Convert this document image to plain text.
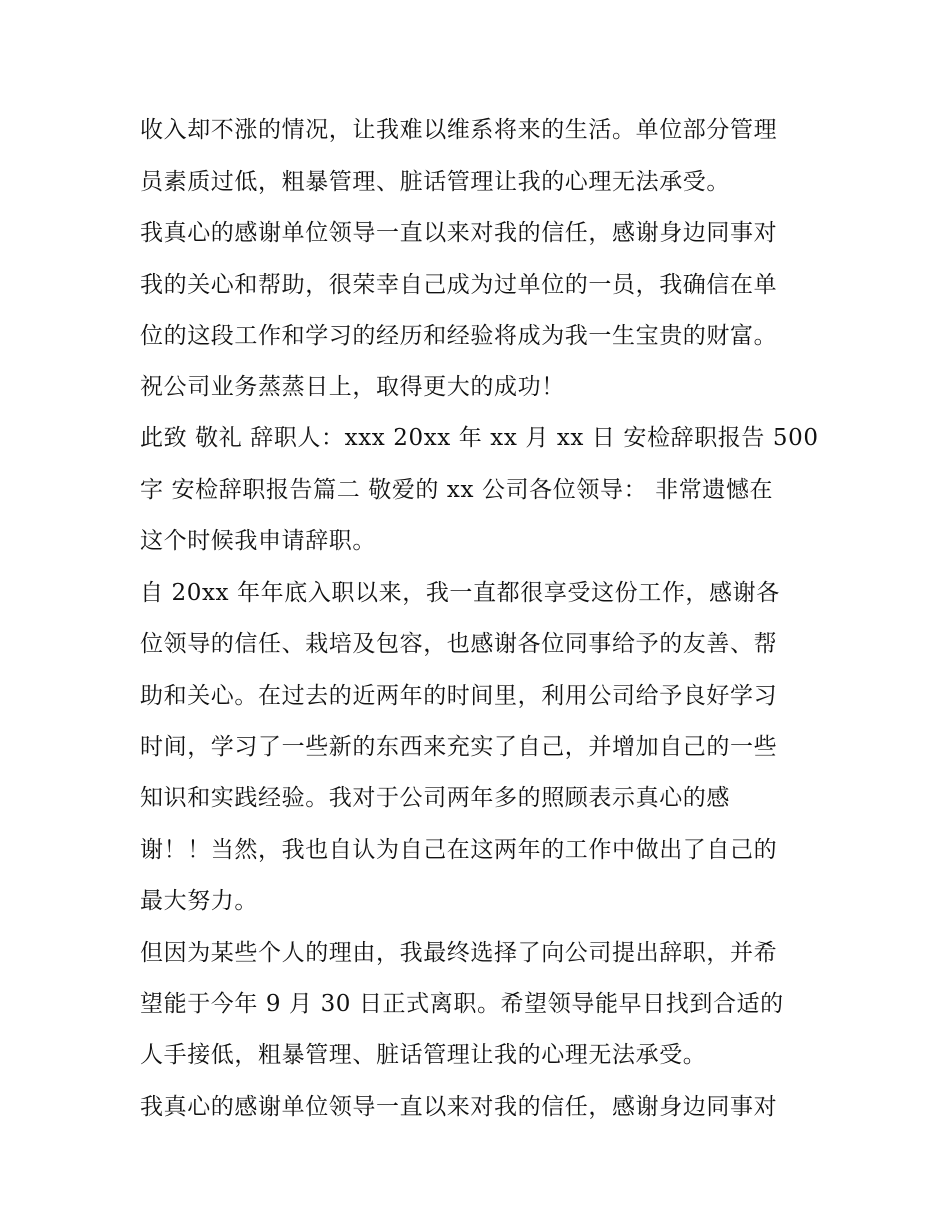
收入却不涨的情况，让我难以维系将来的生活。单位部分管理
员素质过低，粗暴管理、脏话管理让我的心理无法承受。
我真心的感谢单位领导一直以来对我的信任，感谢身边同事对
我的关心和帮助，很荣幸自己成为过单位的一员，我确信在单
位的这段工作和学习的经历和经验将成为我一生宝贵的财富。
祝公司业务蒸蒸日上，取得更大的成功！
此致 敬礼 辞职人：xxx 20xx 年 xx 月 xx 日 安检辞职报告 500
字 安检辞职报告篇二 敬爱的 xx 公司各位领导： 非常遗憾在
这个时候我申请辞职。
自 20xx 年年底入职以来，我一直都很享受这份工作，感谢各
位领导的信任、栽培及包容，也感谢各位同事给予的友善、帮
助和关心。在过去的近两年的时间里，利用公司给予良好学习
时间，学习了一些新的东西来充实了自己，并增加自己的一些
知识和实践经验。我对于公司两年多的照顾表示真心的感
谢！！当然，我也自认为自己在这两年的工作中做出了自己的
最大努力。
但因为某些个人的理由，我最终选择了向公司提出辞职，并希
望能于今年 9 月 30 日正式离职。希望领导能早日找到合适的
人手接低，粗暴管理、脏话管理让我的心理无法承受。
我真心的感谢单位领导一直以来对我的信任，感谢身边同事对
